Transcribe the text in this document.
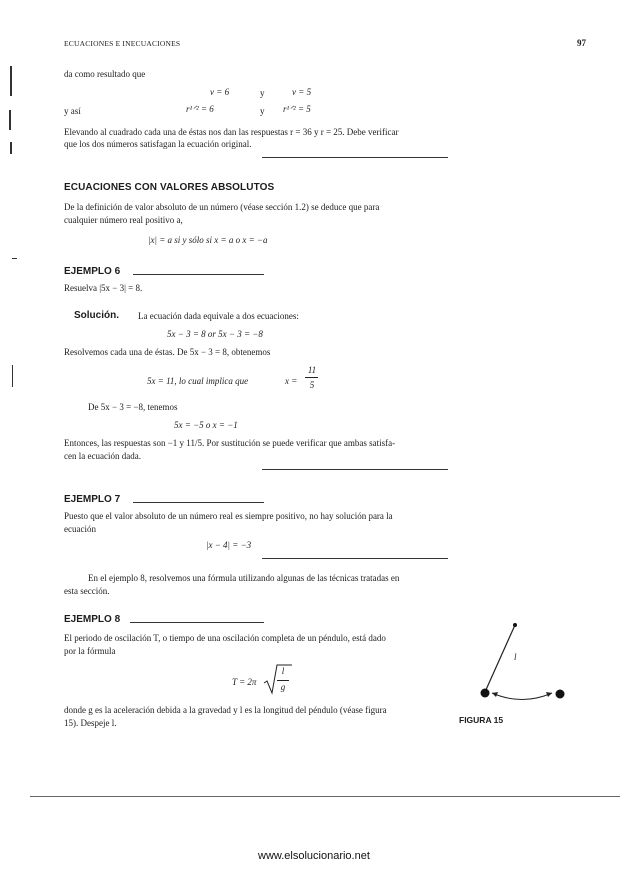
ECUACIONES E INECUACIONES	97
da como resultado que
v = 6	y	v = 5
y así	r¹ᐟ² = 6	y r¹ᐟ² = 5
Elevando al cuadrado cada una de éstas nos dan las respuestas r = 36 y r = 25. Debe verificar
que los dos números satisfagan la ecuación original.
ECUACIONES CON VALORES ABSOLUTOS
De la definición de valor absoluto de un número (véase sección 1.2) se deduce que para
cualquier número real positivo a,
|x| = a si y sólo si x = a o x = −a
EJEMPLO 6
Resuelva |5x − 3| = 8.
Solución. La ecuación dada equivale a dos ecuaciones:
5x − 3 = 8 or 5x − 3 = −8
Resolvemos cada una de éstas. De 5x − 3 = 8, obtenemos
5x = 11, lo cual implica que	x =
11
5
De 5x − 3 = −8, tenemos
5x = −5 o x = −1
Entonces, las respuestas son −1 y 11/5. Por sustitución se puede verificar que ambas satisfa-
cen la ecuación dada.
EJEMPLO 7
Puesto que el valor absoluto de un número real es siempre positivo, no hay solución para la
ecuación
|x − 4| = −3
En el ejemplo 8, resolvemos una fórmula utilizando algunas de las técnicas tratadas en
esta sección.
EJEMPLO 8
El periodo de oscilación T, o tiempo de una oscilación completa de un péndulo, está dado
por la fórmula
T = 2π
l
g
donde g es la aceleración debida a la gravedad y l es la longitud del péndulo (véase figura
15). Despeje l.
l
FIGURA 15
www.elsolucionario.net
